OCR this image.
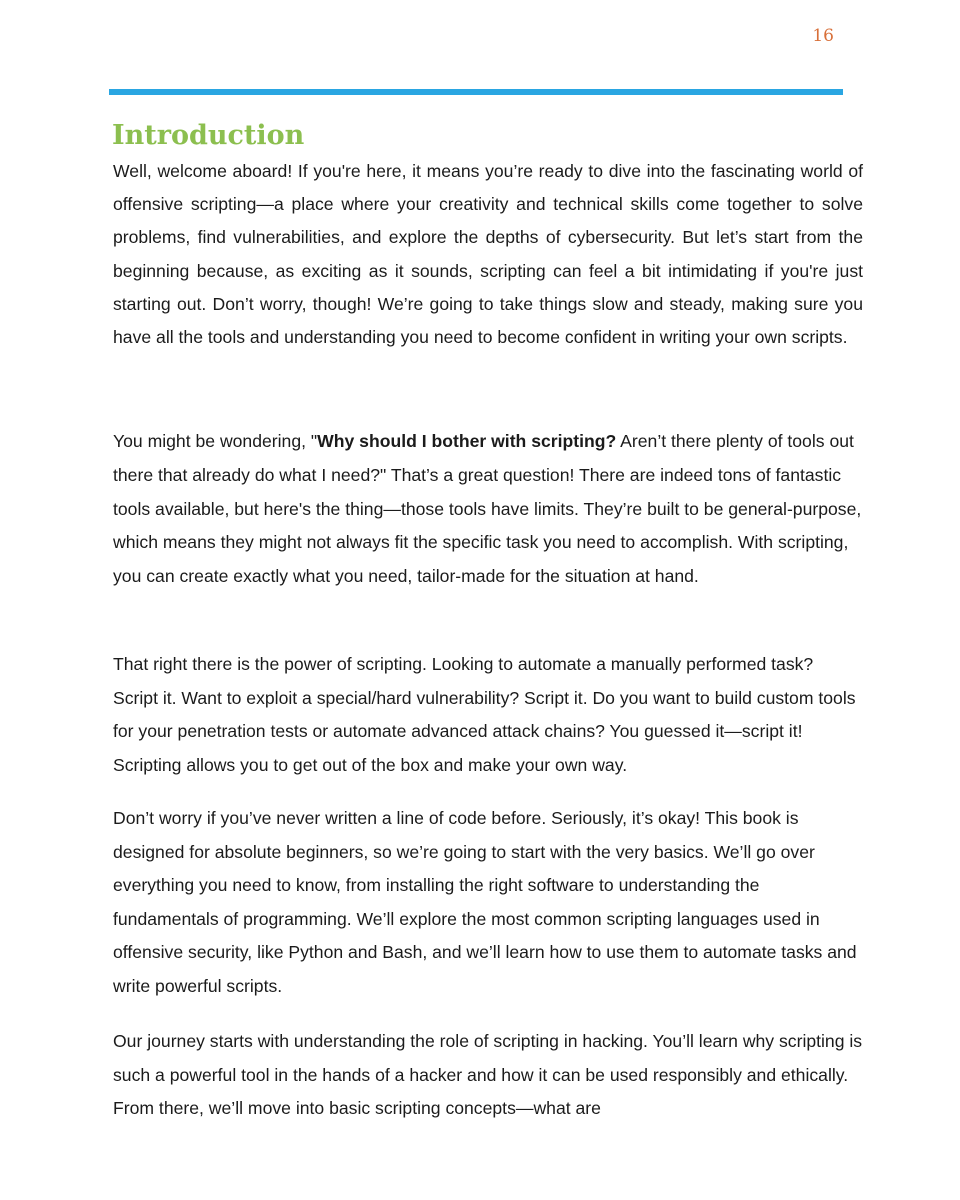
16
Introduction

Well, welcome aboard! If you're here, it means you’re ready to dive into the fascinating world of offensive scripting—a place where your creativity and technical skills come together to solve problems, find vulnerabilities, and explore the depths of cybersecurity. But let’s start from the beginning because, as exciting as it sounds, scripting can feel a bit intimidating if you're just starting out. Don’t worry, though! We’re going to take things slow and steady, making sure you have all the tools and understanding you need to become confident in writing your own scripts.

You might be wondering, "Why should I bother with scripting? Aren’t there plenty of tools out there that already do what I need?" That’s a great question! There are indeed tons of fantastic tools available, but here's the thing—those tools have limits. They’re built to be general-purpose, which means they might not always fit the specific task you need to accomplish. With scripting, you can create exactly what you need, tailor-made for the situation at hand.

That right there is the power of scripting. Looking to automate a manually performed task? Script it. Want to exploit a special/hard vulnerability? Script it. Do you want to build custom tools for your penetration tests or automate advanced attack chains? You guessed it—script it! Scripting allows you to get out of the box and make your own way.

Don’t worry if you’ve never written a line of code before. Seriously, it’s okay! This book is designed for absolute beginners, so we’re going to start with the very basics. We’ll go over everything you need to know, from installing the right software to understanding the fundamentals of programming. We’ll explore the most common scripting languages used in offensive security, like Python and Bash, and we’ll learn how to use them to automate tasks and write powerful scripts.

Our journey starts with understanding the role of scripting in hacking. You’ll learn why scripting is such a powerful tool in the hands of a hacker and how it can be used responsibly and ethically. From there, we’ll move into basic scripting concepts—what are
